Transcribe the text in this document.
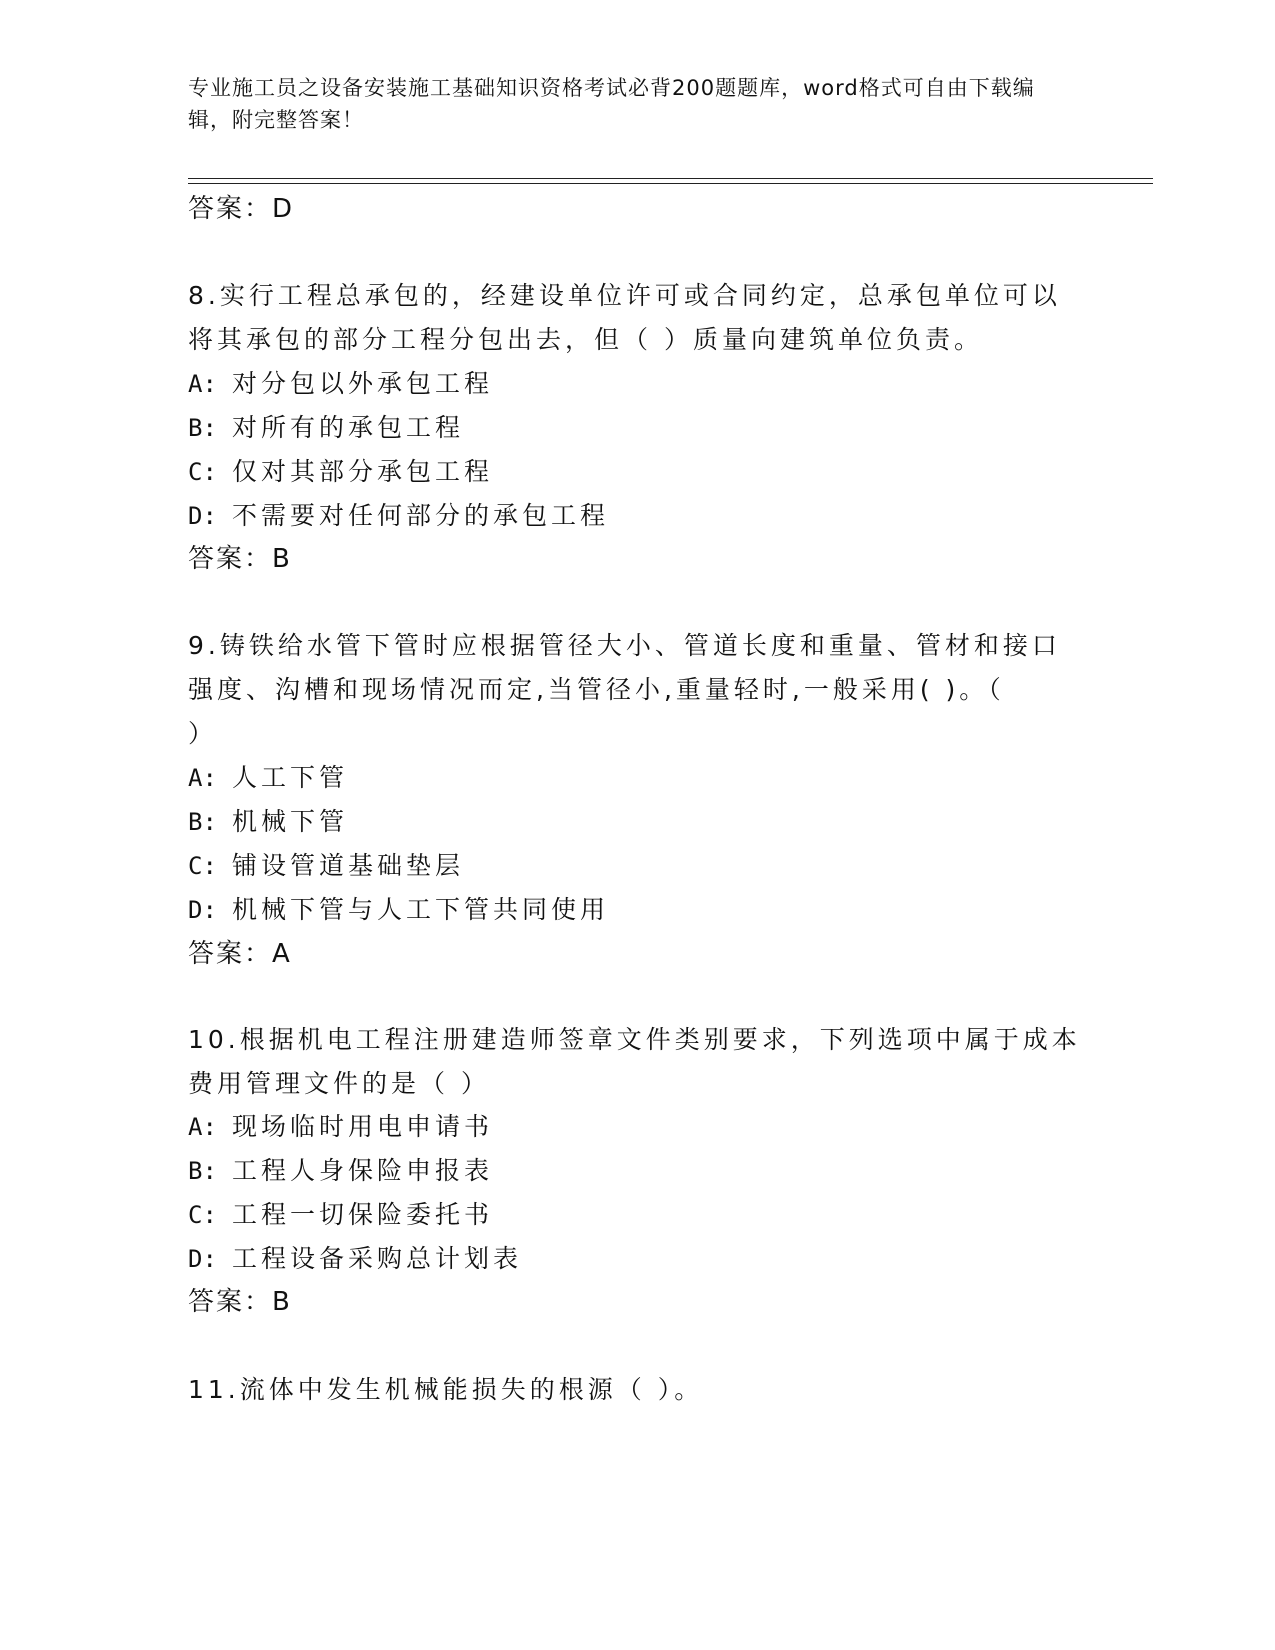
专业施工员之设备安装施工基础知识资格考试必背200题题库，word格式可自由下载编辑，附完整答案！
答案：D
8.实行工程总承包的，经建设单位许可或合同约定，总承包单位可以
将其承包的部分工程分包出去，但（ ）质量向建筑单位负责。
A: 对分包以外承包工程
B: 对所有的承包工程
C: 仅对其部分承包工程
D: 不需要对任何部分的承包工程
答案：B
9.铸铁给水管下管时应根据管径大小、管道长度和重量、管材和接口
强度、沟槽和现场情况而定,当管径小,重量轻时,一般采用( )。（
）
A: 人工下管
B: 机械下管
C: 铺设管道基础垫层
D: 机械下管与人工下管共同使用
答案：A
10.根据机电工程注册建造师签章文件类别要求，下列选项中属于成本
费用管理文件的是（ ）
A: 现场临时用电申请书
B: 工程人身保险申报表
C: 工程一切保险委托书
D: 工程设备采购总计划表
答案：B
11.流体中发生机械能损失的根源（ ）。
